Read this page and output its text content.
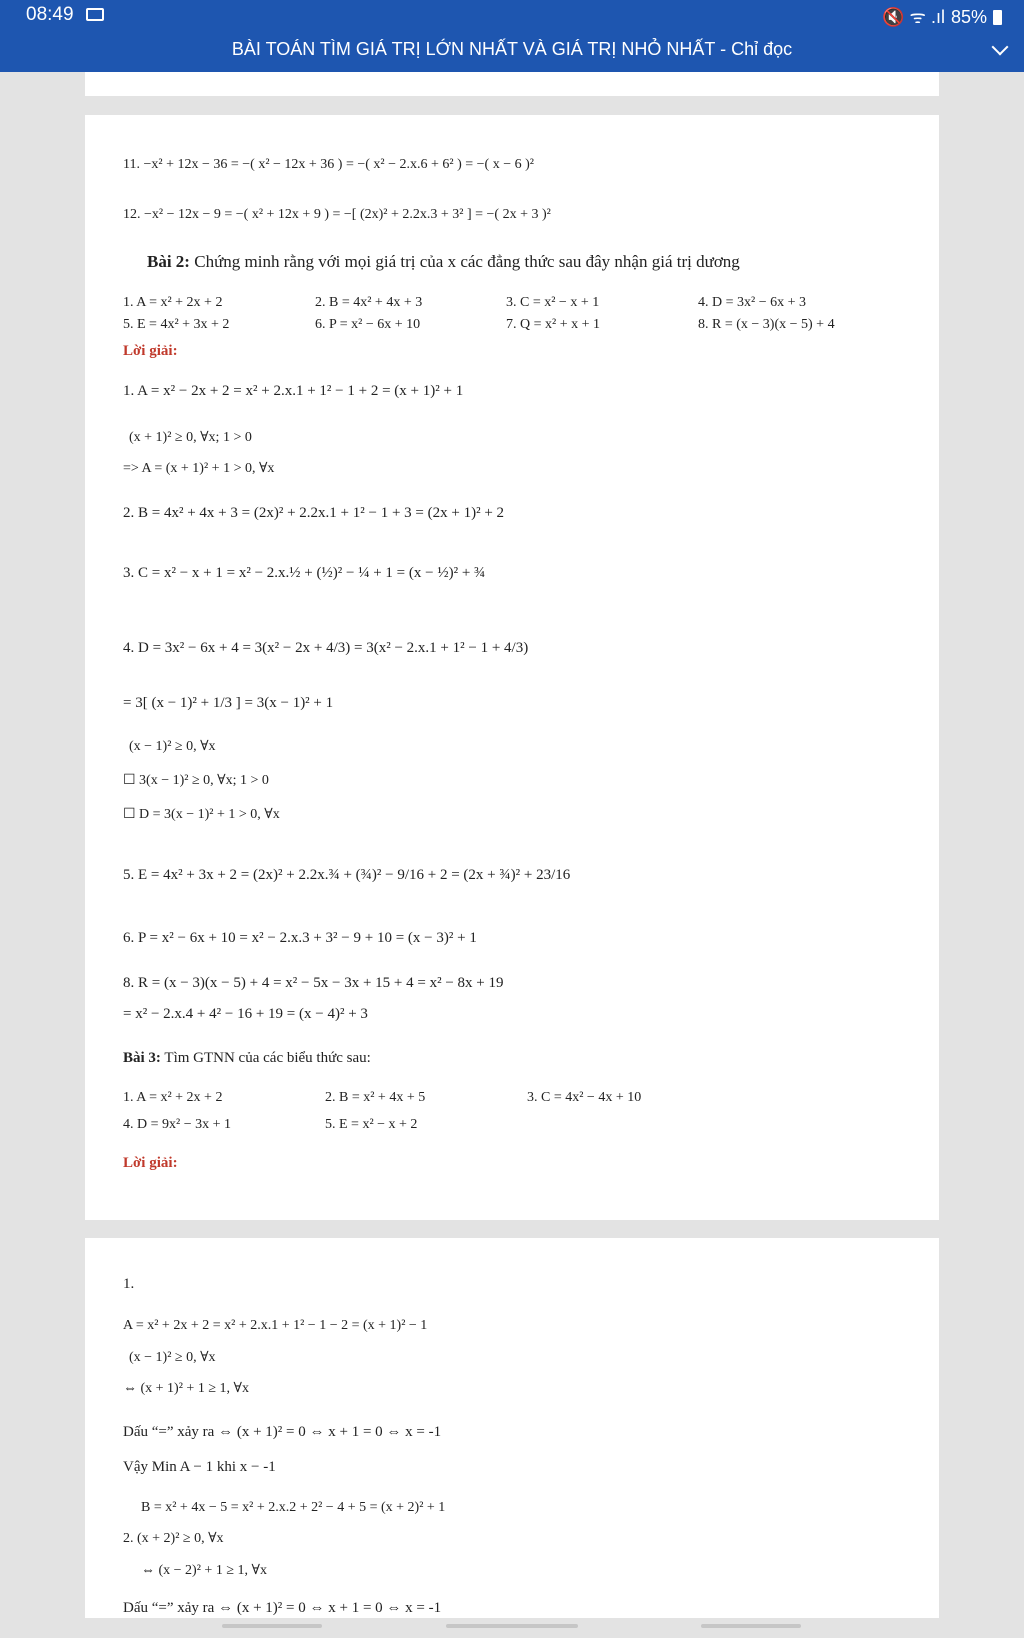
08:49	🔇 ᯤ .ıl 85%
BÀI TOÁN TÌM GIÁ TRỊ LỚN NHẤT VÀ GIÁ TRỊ NHỎ NHẤT - Chỉ đọc
11. −x² + 12x − 36 = −( x² − 12x + 36 ) = −( x² − 2.x.6 + 6² ) = −( x − 6 )²
12. −x² − 12x − 9 = −( x² + 12x + 9 ) = −[ (2x)² + 2.2x.3 + 3² ] = −( 2x + 3 )²
Bài 2: Chứng minh rằng với mọi giá trị của x các đẳng thức sau đây nhận giá trị dương
1. A = x² + 2x + 2	2. B = 4x² + 4x + 3	3. C = x² − x + 1	4. D = 3x² − 6x + 3
5. E = 4x² + 3x + 2	6. P = x² − 6x + 10	7. Q = x² + x + 1	8. R = (x − 3)(x − 5) + 4
Lời giải:
1. A = x² − 2x + 2 = x² + 2.x.1 + 1² − 1 + 2 = (x + 1)² + 1
(x + 1)² ≥ 0, ∀x; 1 > 0
=> A = (x + 1)² + 1 > 0, ∀x
2. B = 4x² + 4x + 3 = (2x)² + 2.2x.1 + 1² − 1 + 3 = (2x + 1)² + 2
3. C = x² − x + 1 = x² − 2.x.½ + (½)² − ¼ + 1 = (x − ½)² + ¾
4. D = 3x² − 6x + 4 = 3(x² − 2x + 4/3) = 3(x² − 2.x.1 + 1² − 1 + 4/3)
= 3[ (x − 1)² + 1/3 ] = 3(x − 1)² + 1
(x − 1)² ≥ 0, ∀x
☐ 3(x − 1)² ≥ 0, ∀x; 1 > 0
☐ D = 3(x − 1)² + 1 > 0, ∀x
5. E = 4x² + 3x + 2 = (2x)² + 2.2x.¾ + (¾)² − 9/16 + 2 = (2x + ¾)² + 23/16
6. P = x² − 6x + 10 = x² − 2.x.3 + 3² − 9 + 10 = (x − 3)² + 1
8. R = (x − 3)(x − 5) + 4 = x² − 5x − 3x + 15 + 4 = x² − 8x + 19
= x² − 2.x.4 + 4² − 16 + 19 = (x − 4)² + 3
Bài 3: Tìm GTNN của các biểu thức sau:
1. A = x² + 2x + 2	2. B = x² + 4x + 5	3. C = 4x² − 4x + 10
4. D = 9x² − 3x + 1	5. E = x² − x + 2
Lời giải:
1.
A = x² + 2x + 2 = x² + 2.x.1 + 1² − 1 − 2 = (x + 1)² − 1
(x − 1)² ≥ 0, ∀x
⇔ (x + 1)² + 1 ≥ 1, ∀x
Dấu “=” xảy ra ⇔ (x + 1)² = 0 ⇔ x + 1 = 0 ⇔ x = -1
Vậy Min A − 1 khi x − -1
B = x² + 4x − 5 = x² + 2.x.2 + 2² − 4 + 5 = (x + 2)² + 1
2. (x + 2)² ≥ 0, ∀x
⇔ (x − 2)² + 1 ≥ 1, ∀x
Dấu “=” xảy ra ⇔ (x + 1)² = 0 ⇔ x + 1 = 0 ⇔ x = -1
